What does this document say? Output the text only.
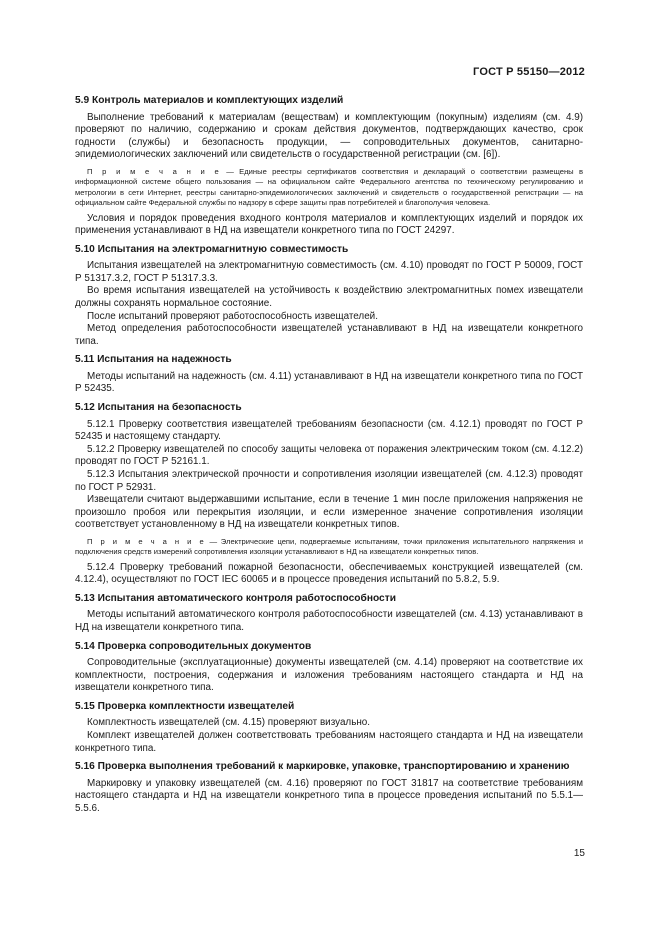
ГОСТ Р 55150—2012
5.9 Контроль материалов и комплектующих изделий

Выполнение требований к материалам (веществам) и комплектующим (покупным) изделиям (см. 4.9) проверяют по наличию, содержанию и срокам действия документов, подтверждающих качество, срок годности (службы) и безопасность продукции, — сопроводительных документов, санитарно-эпидемиологических заключений или свидетельств о государственной регистрации (см. [6]).

П р и м е ч а н и е — Единые реестры сертификатов соответствия и деклараций о соответствии размещены в информационной системе общего пользования — на официальном сайте Федерального агентства по техническому регулированию и метрологии в сети Интернет, реестры санитарно-эпидемиологических заключений и свидетельств о государственной регистрации — на официальном сайте Федеральной службы по надзору в сфере защиты прав потребителей и благополучия человека.

Условия и порядок проведения входного контроля материалов и комплектующих изделий и порядок их применения устанавливают в НД на извещатели конкретного типа по ГОСТ 24297.

5.10 Испытания на электромагнитную совместимость

Испытания извещателей на электромагнитную совместимость (см. 4.10) проводят по ГОСТ Р 50009, ГОСТ Р 51317.3.2, ГОСТ Р 51317.3.3.

Во время испытания извещателей на устойчивость к воздействию электромагнитных помех извещатели должны сохранять нормальное состояние.

После испытаний проверяют работоспособность извещателей.

Метод определения работоспособности извещателей устанавливают в НД на извещатели конкретного типа.

5.11 Испытания на надежность

Методы испытаний на надежность (см. 4.11) устанавливают в НД на извещатели конкретного типа по ГОСТ Р 52435.

5.12 Испытания на безопасность

5.12.1 Проверку соответствия извещателей требованиям безопасности (см. 4.12.1) проводят по ГОСТ Р 52435 и настоящему стандарту.

5.12.2 Проверку извещателей по способу защиты человека от поражения электрическим током (см. 4.12.2) проводят по ГОСТ Р 52161.1.

5.12.3 Испытания электрической прочности и сопротивления изоляции извещателей (см. 4.12.3) проводят по ГОСТ Р 52931.

Извещатели считают выдержавшими испытание, если в течение 1 мин после приложения напряжения не произошло пробоя или перекрытия изоляции, и если измеренное значение сопротивления изоляции соответствует установленному в НД на извещатели конкретных типов.

П р и м е ч а н и е — Электрические цепи, подвергаемые испытаниям, точки приложения испытательного напряжения и подключения средств измерений сопротивления изоляции устанавливают в НД на извещатели конкретных типов.

5.12.4 Проверку требований пожарной безопасности, обеспечиваемых конструкцией извещателей (см. 4.12.4), осуществляют по ГОСТ IEC 60065 и в процессе проведения испытаний по 5.8.2, 5.9.

5.13 Испытания автоматического контроля работоспособности

Методы испытаний автоматического контроля работоспособности извещателей (см. 4.13) устанавливают в НД на извещатели конкретного типа.

5.14 Проверка сопроводительных документов

Сопроводительные (эксплуатационные) документы извещателей (см. 4.14) проверяют на соответствие их комплектности, построения, содержания и изложения требованиям настоящего стандарта и НД на извещатели конкретного типа.

5.15 Проверка комплектности извещателей

Комплектность извещателей (см. 4.15) проверяют визуально.

Комплект извещателей должен соответствовать требованиям настоящего стандарта и НД на извещатели конкретного типа.

5.16 Проверка выполнения требований к маркировке, упаковке, транспортированию и хранению

Маркировку и упаковку извещателей (см. 4.16) проверяют по ГОСТ 31817 на соответствие требованиям настоящего стандарта и НД на извещатели конкретного типа в процессе проведения испытаний по 5.5.1—5.5.6.

15
